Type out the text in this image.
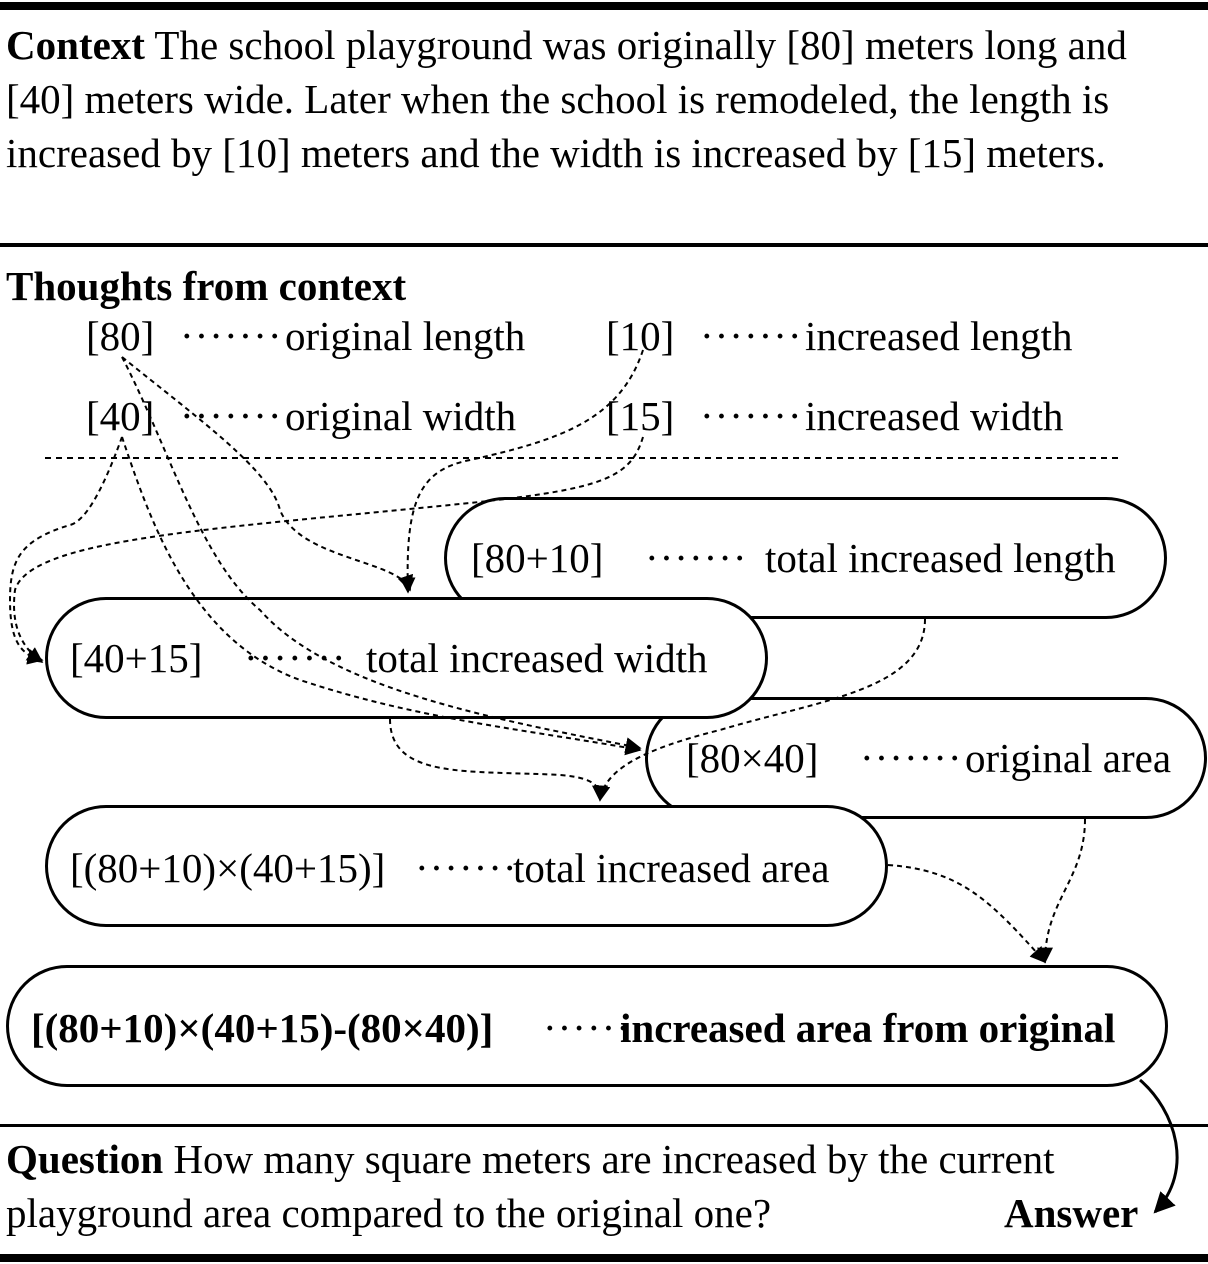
Context The school playground was originally [80] meters long and [40] meters wide. Later when the school is remodeled, the length is increased by [10] meters and the width is increased by [15] meters.

Thoughts from context

[80] ······· original length [10] ······· increased length
[40] ······· original width [15] ······· increased width
[80+10] ······· total increased length
[40+15] ······· total increased width
[80×40] ······· original area
[(80+10)×(40+15)] ·······
total increased area
[(80+10)×(40+15)-(80×40)] ······
increased area from original

Question How many square meters are increased by the current playground area compared to the original one?	Answer
